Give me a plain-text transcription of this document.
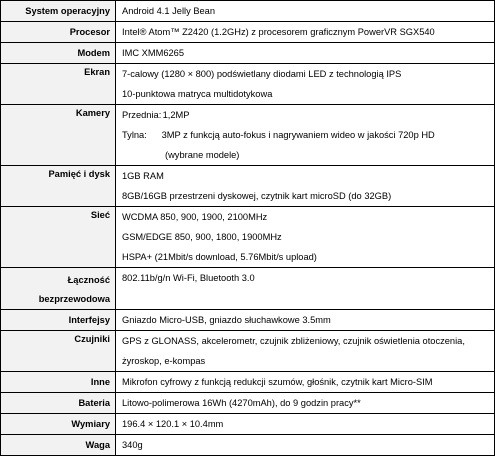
System operacyjny	Android 4.1 Jelly Bean

Procesor	Intel® Atom™ Z2420 (1.2GHz) z procesorem graficznym PowerVR SGX540

Modem	IMC XMM6265

Ekran	7-calowy (1280 × 800) podświetlany diodami LED z technologią IPS
10-punktowa matryca multidotykowa

Kamery	Przednia: 1,2MP
Tylna: 3MP z funkcją auto-fokus i nagrywaniem wideo w jakości 720p HD
(wybrane modele)

Pamięć i dysk	1GB RAM
8GB/16GB przestrzeni dyskowej, czytnik kart microSD (do 32GB)

Sieć	WCDMA 850, 900, 1900, 2100MHz
GSM/EDGE 850, 900, 1800, 1900MHz
HSPA+ (21Mbit/s download, 5.76Mbit/s upload)

Łączność
bezprzewodowa	802.11b/g/n Wi-Fi, Bluetooth 3.0

Interfejsy	Gniazdo Micro-USB, gniazdo słuchawkowe 3.5mm

Czujniki	GPS z GLONASS, akcelerometr, czujnik zbliżeniowy, czujnik oświetlenia otoczenia,
żyroskop, e-kompas

Inne	Mikrofon cyfrowy z funkcją redukcji szumów, głośnik, czytnik kart Micro-SIM

Bateria	Litowo-polimerowa 16Wh (4270mAh), do 9 godzin pracy**

Wymiary	196.4 × 120.1 × 10.4mm

Waga	340g
